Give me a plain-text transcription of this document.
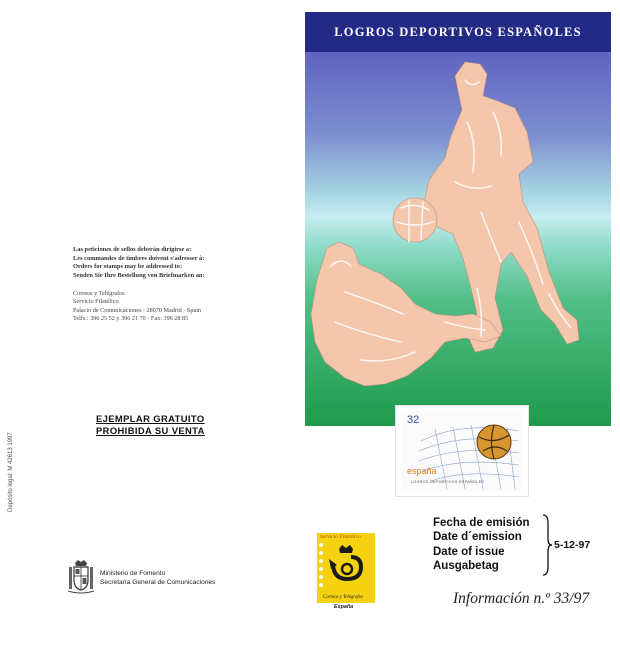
Las peticiones de sellos deberán dirigirse a:
Les commandes de timbres doivent s'adresser à:
Orders for stamps may be addressed to:
Senden Sie Ihre Bestellung von Briefmarken an:
Correos y Telégrafos
Servicio Filatélico
Palacio de Comunicaciones · 28070 Madrid · Spain
Telfs.: 396 25 52 y 396 21 70 · Fax: 396 28 85
EJEMPLAR GRATUITO
PROHIBIDA SU VENTA
Depósito legal: M 42613 1997
Ministerio de Fomento
Secretaría General de Comunicaciones
LOGROS DEPORTIVOS ESPAÑOLES
32
españa
LOGROS DEPORTIVOS ESPAÑOLES
Servicio Filatélico
Correos y Telégrafos
España
Fecha de emisión
Date d´emission
Date of issue
Ausgabetag
5-12-97
Información n.º 33/97
